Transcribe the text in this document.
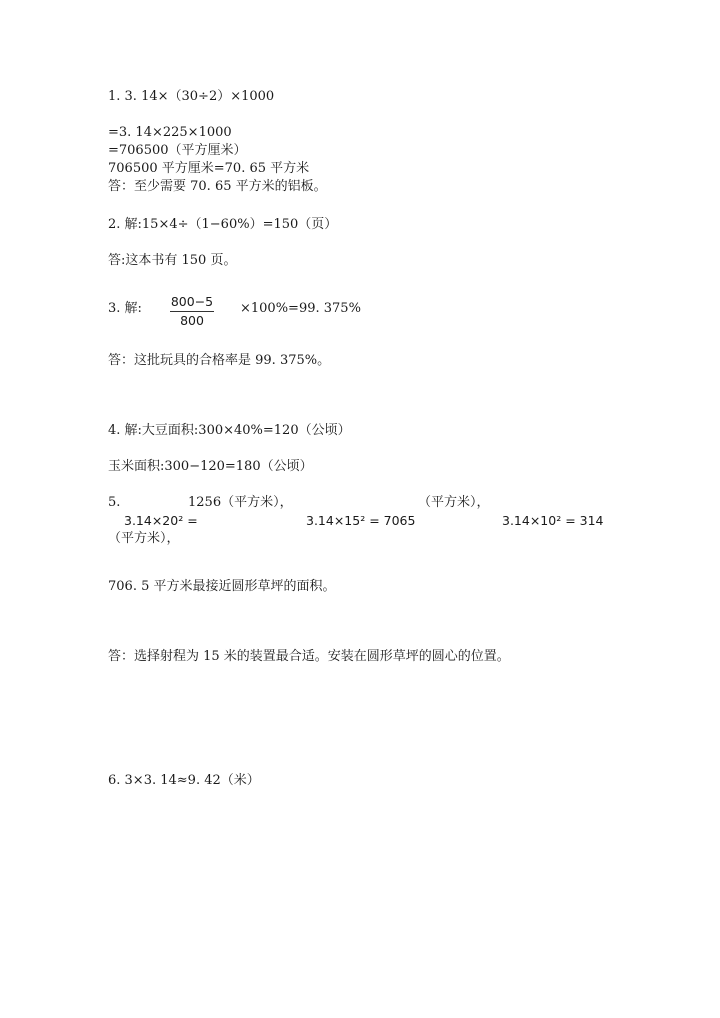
1. 3. 14×（30÷2）×1000
=3. 14×225×1000
=706500（平方厘米）
706500 平方厘米=70. 65 平方米
答：至少需要 70. 65 平方米的铝板。
2. 解:15×4÷（1−60%）=150（页）
答:这本书有 150 页。
3. 解: 800−5
800
×100%=99. 375%
答：这批玩具的合格率是 99. 375%。
4. 解:大豆面积:300×40%=120（公顷）
玉米面积:300−120=180（公顷）
5.	1256（平方米），	（平方米），
3.14×20² =	3.14×15² = 7065	3.14×10² = 314
（平方米），
706. 5 平方米最接近圆形草坪的面积。
答：选择射程为 15 米的装置最合适。安装在圆形草坪的圆心的位置。
6. 3×3. 14≈9. 42（米）
